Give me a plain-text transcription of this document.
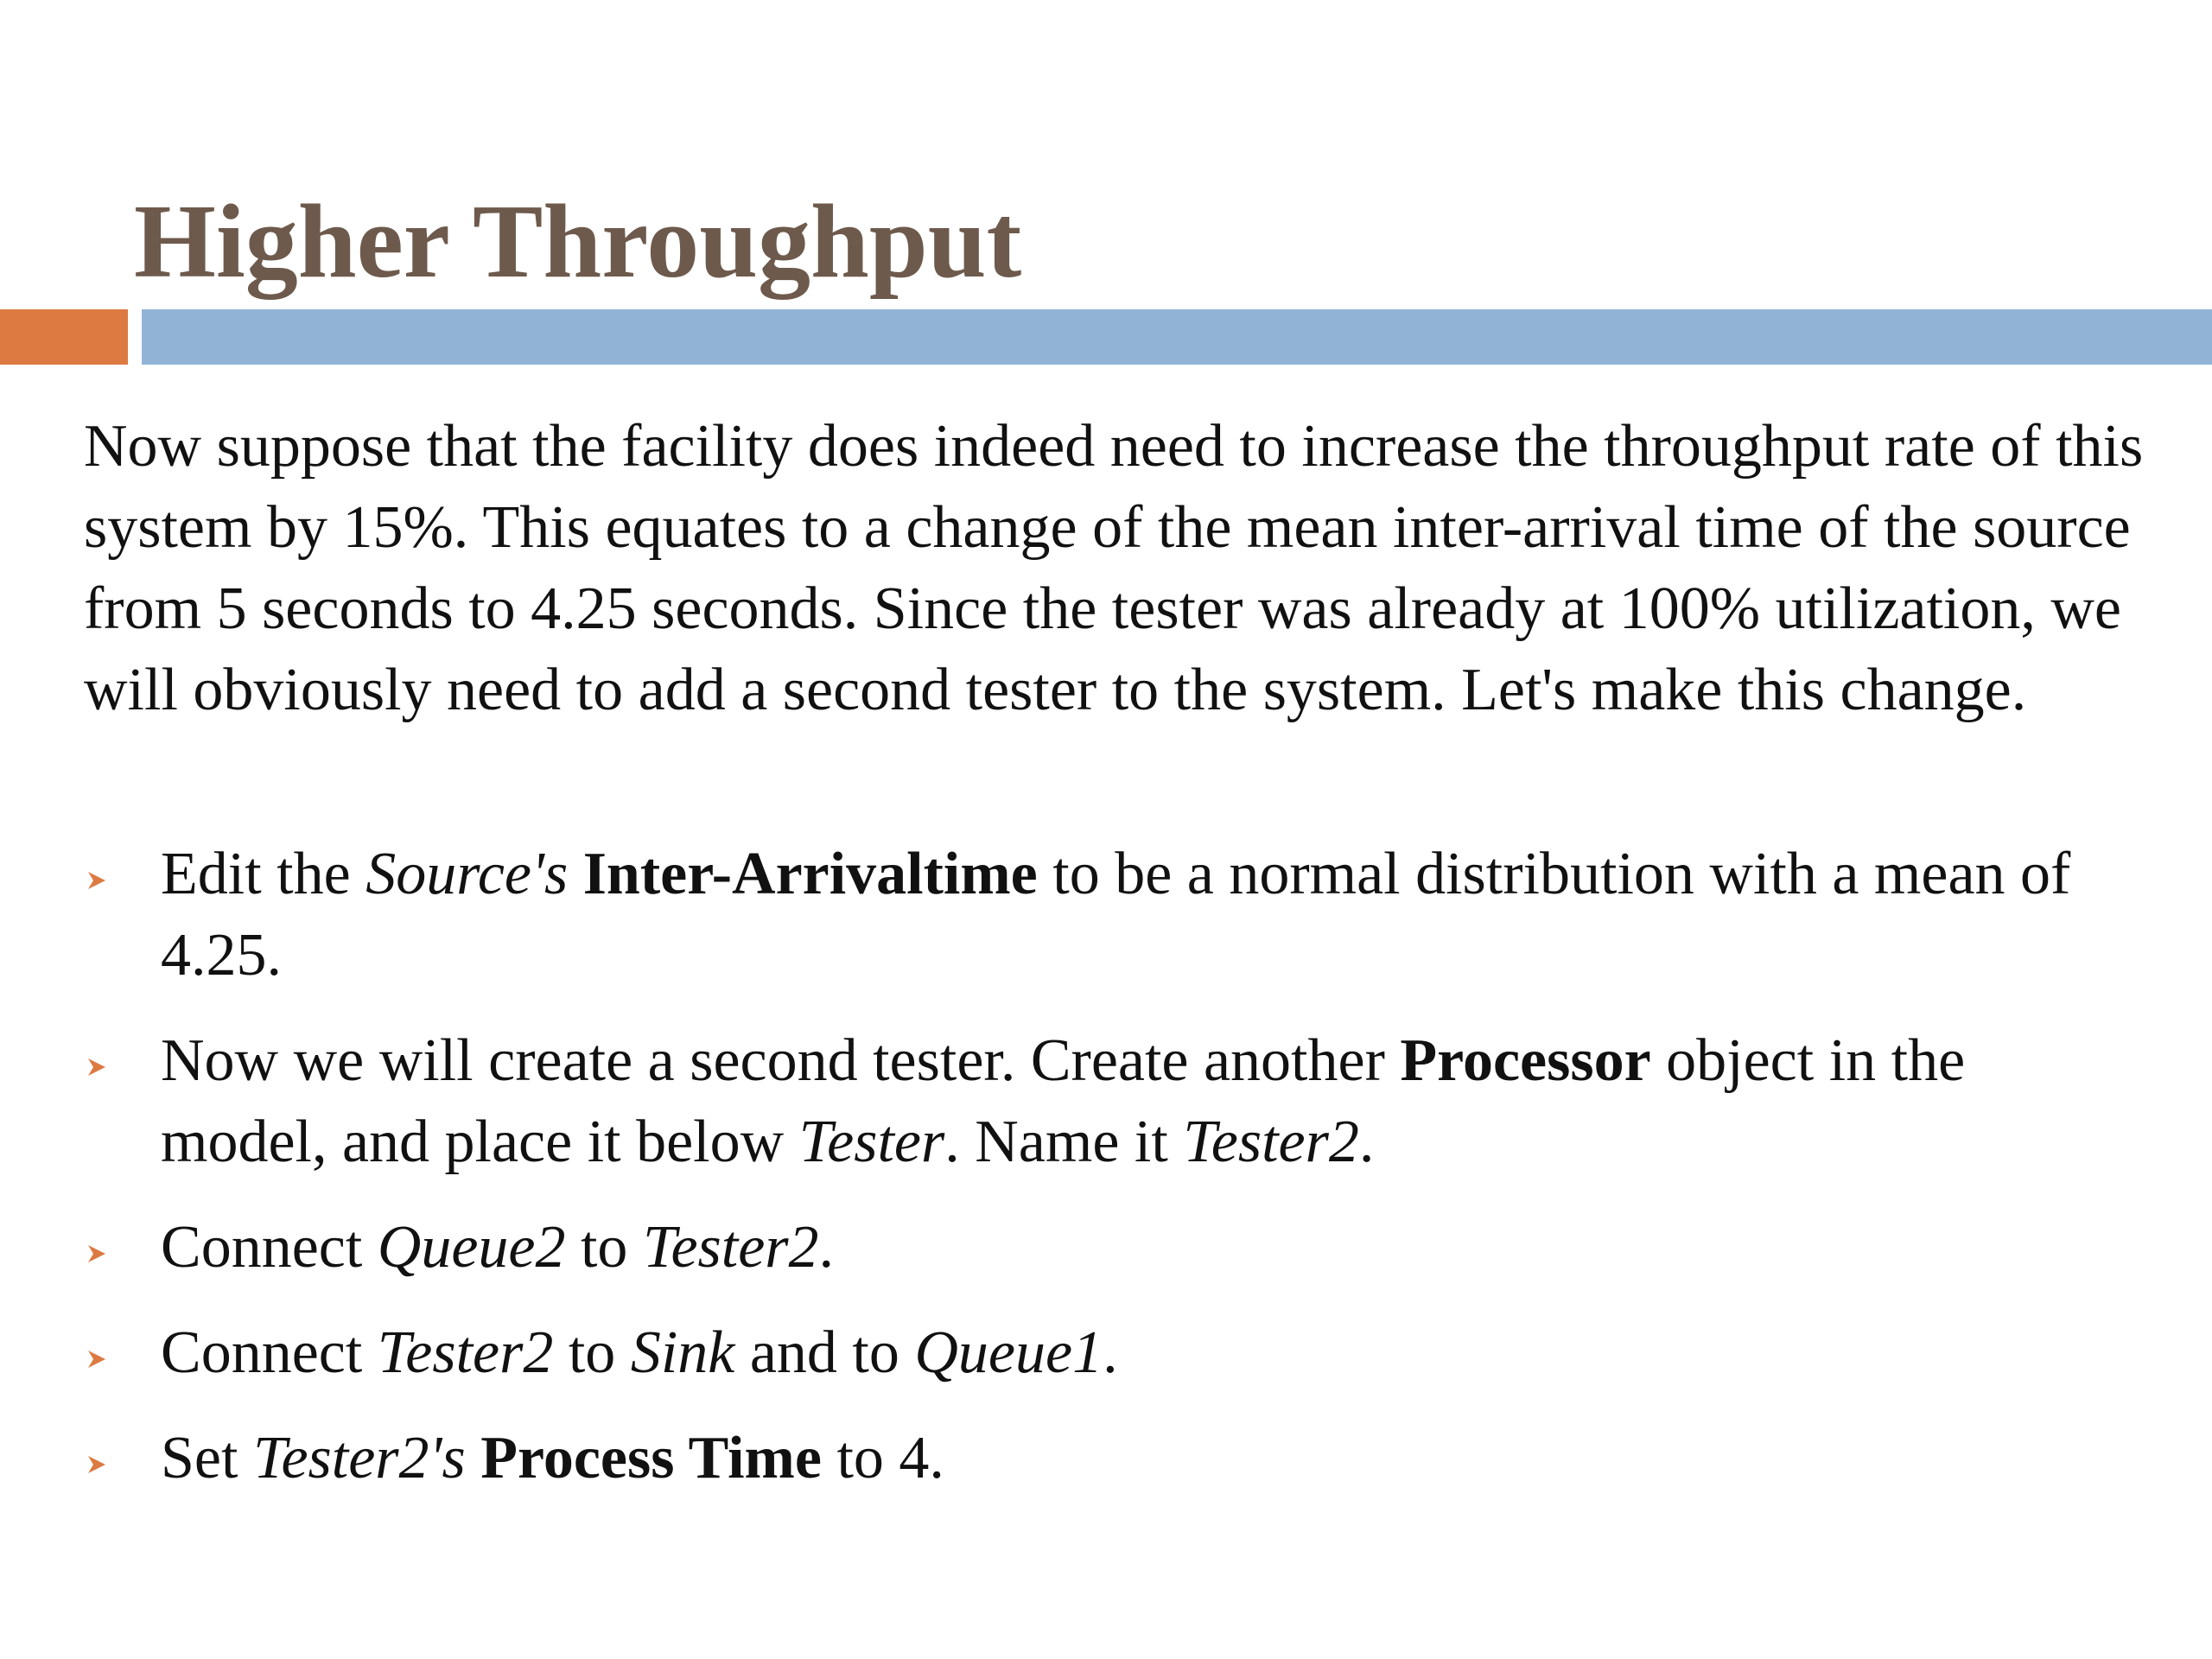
Higher Throughput

Now suppose that the facility does indeed need to increase the throughput rate of this system by 15%. This equates to a change of the mean inter-arrival time of the source from 5 seconds to 4.25 seconds. Since the tester was already at 100% utilization, we will obviously need to add a second tester to the system. Let's make this change.

Edit the Source's Inter-Arrivaltime to be a normal distribution with a mean of 4.25.
Now we will create a second tester. Create another Processor object in the model, and place it below Tester. Name it Tester2.
Connect Queue2 to Tester2.
Connect Tester2 to Sink and to Queue1.
Set Tester2's Process Time to 4.
